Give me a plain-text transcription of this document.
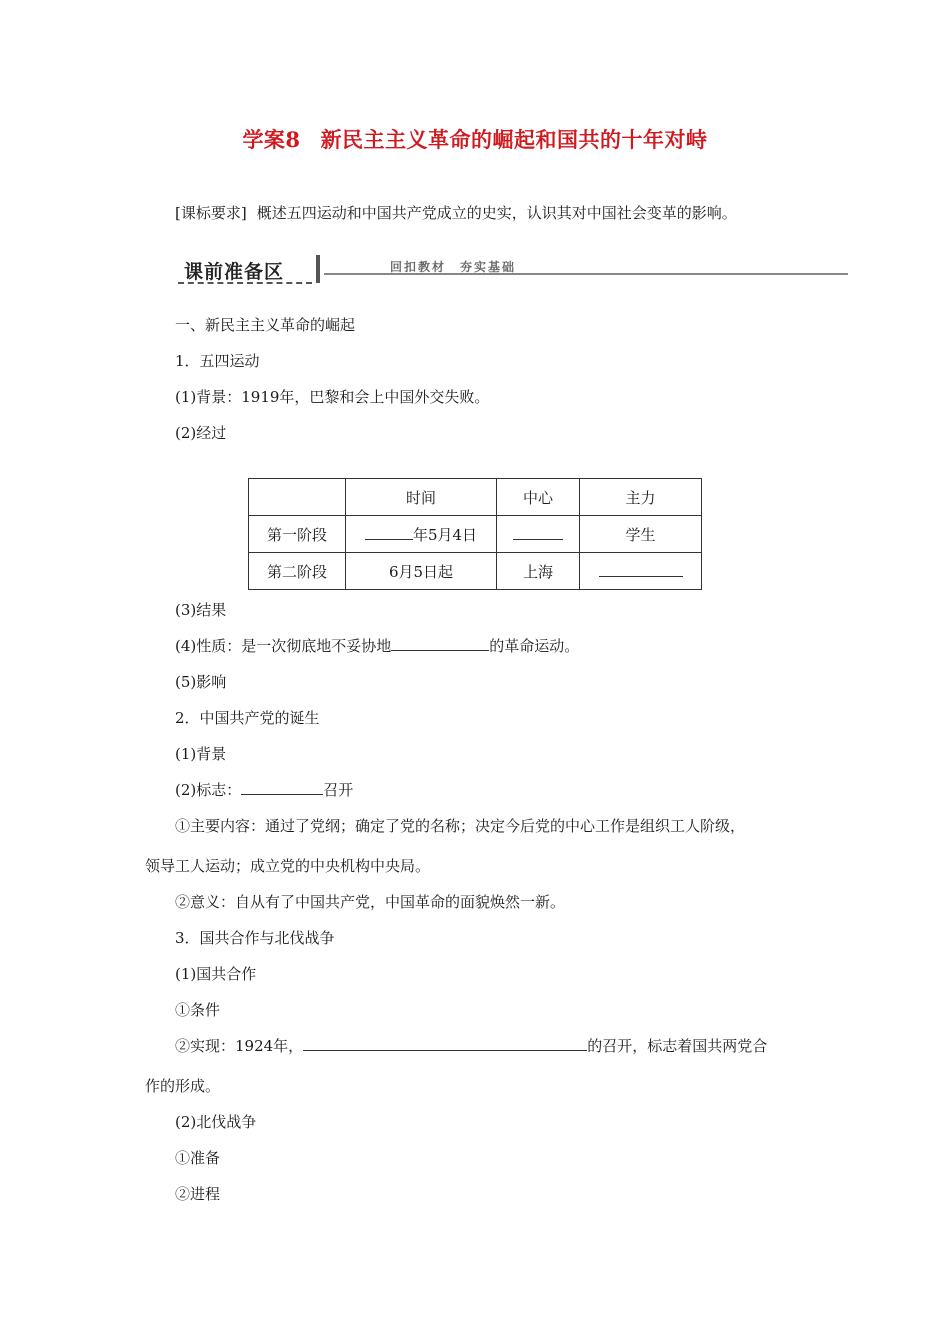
学案8 新民主主义革命的崛起和国共的十年对峙
[课标要求] 概述五四运动和中国共产党成立的史实，认识其对中国社会变革的影响。
课前准备区	回扣教材　夯实基础
一、新民主主义革命的崛起
1．五四运动
(1)背景：1919年，巴黎和会上中国外交失败。
(2)经过
	时间	中心	主力
第一阶段	年5月4日		学生
第二阶段	6月5日起	上海	
(3)结果
(4)性质：是一次彻底地不妥协地	的革命运动。
(5)影响
2．中国共产党的诞生
(1)背景
(2)标志：	召开
①主要内容：通过了党纲；确定了党的名称；决定今后党的中心工作是组织工人阶级，
领导工人运动；成立党的中央机构中央局。
②意义：自从有了中国共产党，中国革命的面貌焕然一新。
3．国共合作与北伐战争
(1)国共合作
①条件
②实现：1924年，	的召开，标志着国共两党合
作的形成。
(2)北伐战争
①准备
②进程
